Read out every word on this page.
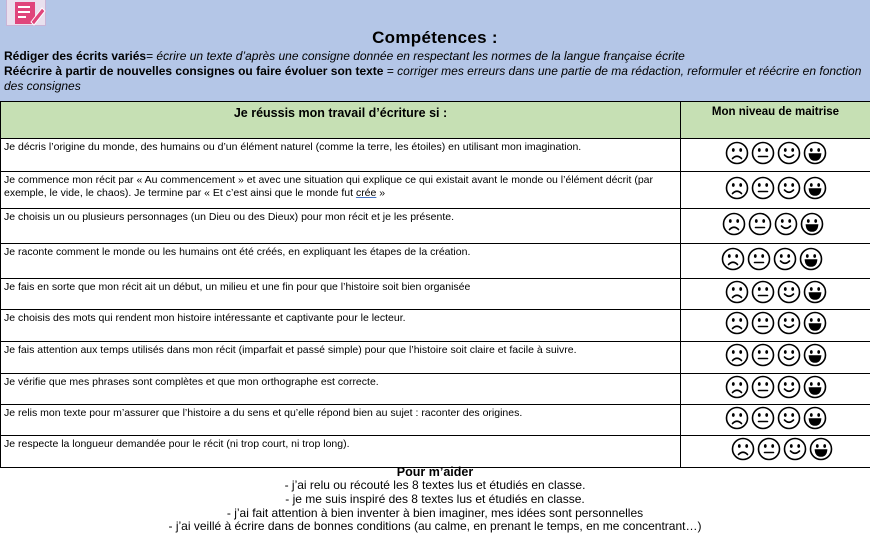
Compétences :
Rédiger des écrits variés= écrire un texte d’après une consigne donnée en respectant les normes de la langue française écrite
Réécrire à partir de nouvelles consignes ou faire évoluer son texte = corriger mes erreurs dans une partie de ma rédaction, reformuler et réécrire en fonction des consignes
Je réussis mon travail d’écriture si :	Mon niveau de maitrise
Je décris l’origine du monde, des humains ou d’un élément naturel (comme la terre, les étoiles) en utilisant mon imagination.	

Je commence mon récit par « Au commencement » et avec une situation qui explique ce qui existait avant le monde ou l’élément décrit (par exemple, le vide, le chaos). Je termine par « Et c’est ainsi que le monde fut crée »	

Je choisis un ou plusieurs personnages (un Dieu ou des Dieux) pour mon récit et je les présente.	

Je raconte comment le monde ou les humains ont été créés, en expliquant les étapes de la création.	

Je fais en sorte que mon récit ait un début, un milieu et une fin pour que l’histoire soit bien organisée	

Je choisis des mots qui rendent mon histoire intéressante et captivante pour le lecteur.	

Je fais attention aux temps utilisés dans mon récit (imparfait et passé simple) pour que l’histoire soit claire et facile à suivre.	

Je vérifie que mes phrases sont complètes et que mon orthographe est correcte.	

Je relis mon texte pour m’assurer que l’histoire a du sens et qu’elle répond bien au sujet : raconter des origines.	

Je respecte la longueur demandée pour le récit (ni trop court, ni trop long).	
Pour m’aider
- j’ai relu ou récouté les 8 textes lus et étudiés en classe.
- je me suis inspiré des 8 textes lus et étudiés en classe.
- j’ai fait attention à bien inventer à bien imaginer, mes idées sont personnelles
- j’ai veillé à écrire dans de bonnes conditions (au calme, en prenant le temps, en me concentrant…)
